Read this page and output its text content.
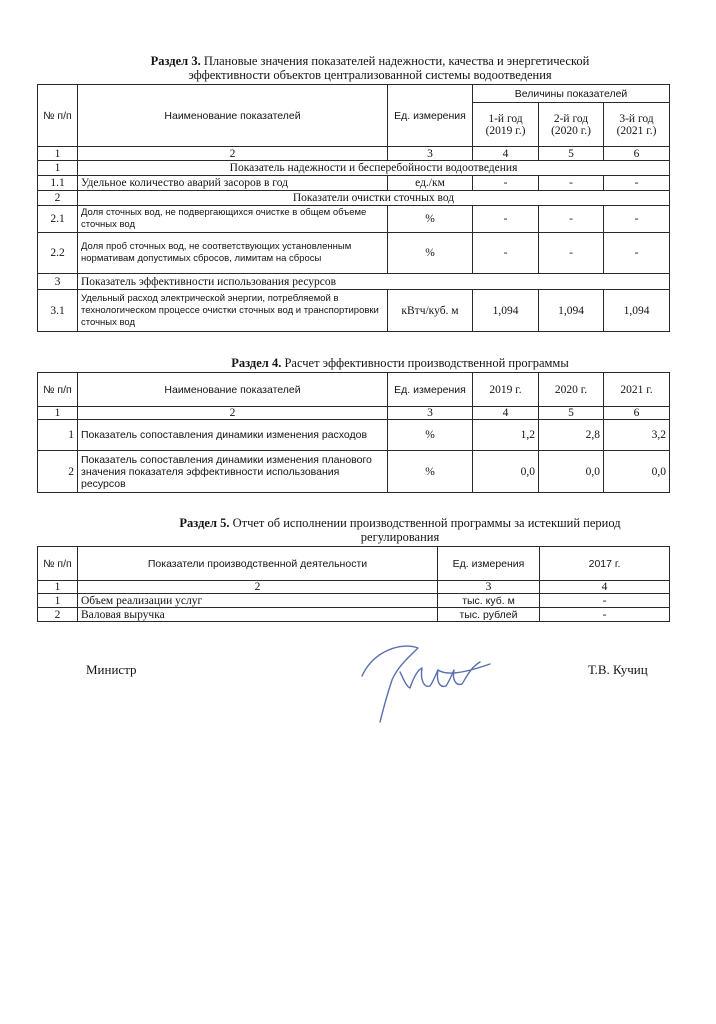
Раздел 3. Плановые значения показателей надежности, качества и энергетической
эффективности объектов централизованной системы водоотведения
№ п/п	Наименование показателей	Ед. измерения	Величины показателей		
			1-й год (2019 г.)	2-й год (2020 г.)	3-й год (2021 г.)
1	2	3	4	5	6
1	Показатель надежности и бесперебойности водоотведения				
1.1	Удельное количество аварий засоров в год	ед./км	-	-	-
2	Показатели очистки сточных вод				
2.1	Доля сточных вод, не подвергающихся очистке в общем объеме сточных вод	%	-	-	-
2.2	Доля проб сточных вод, не соответствующих установленным нормативам допустимых сбросов, лимитам на сбросы	%	-	-	-
3	Показатель эффективности использования ресурсов				
3.1	Удельный расход электрической энергии, потребляемой в технологическом процессе очистки сточных вод и транспортировки сточных вод	кВтч/куб. м	1,094	1,094	1,094
Раздел 4. Расчет эффективности производственной программы
№ п/п	Наименование показателей	Ед. измерения	2019 г.	2020 г.	2021 г.
1	2	3	4	5	6
1	Показатель сопоставления динамики изменения расходов	%	1,2	2,8	3,2
2	Показатель сопоставления динамики изменения планового значения показателя эффективности использования ресурсов	%	0,0	0,0	0,0
Раздел 5. Отчет об исполнении производственной программы за истекший период
регулирования
№ п/п	Показатели производственной деятельности	Ед. измерения	2017 г.
1	2	3	4
1	Объем реализации услуг	тыс. куб. м	-
2	Валовая выручка	тыс. рублей	-
Министр	Т.В. Кучиц
